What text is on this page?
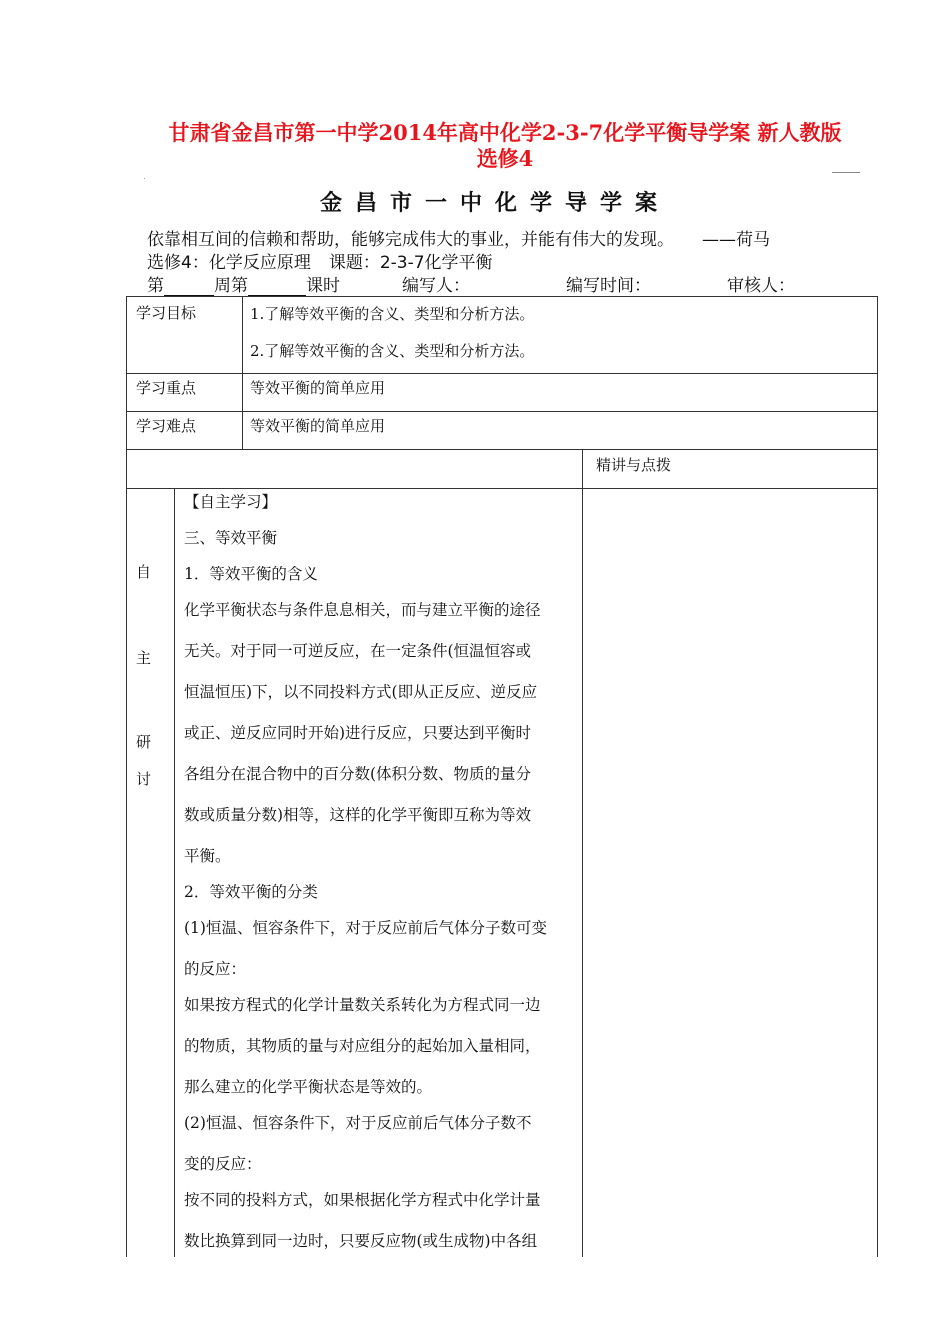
甘肃省金昌市第一中学2014年高中化学2-3-7化学平衡导学案 新人教版
选修4
.
金昌市一中化学导学案
依靠相互间的信赖和帮助，能够完成伟大的事业，并能有伟大的发现。 ——荷马
选修4：化学反应原理 课题：2-3-7化学平衡
第	周第	课时	编写人：	编写时间：	审核人：
学习目标	1.了解等效平衡的含义、类型和分析方法。
2.了解等效平衡的含义、类型和分析方法。
学习重点	等效平衡的简单应用
学习难点	等效平衡的简单应用
精讲与点拨
自
主
研
讨

【自主学习】

三、等效平衡

1．等效平衡的含义

化学平衡状态与条件息息相关，而与建立平衡的途径

无关。对于同一可逆反应，在一定条件(恒温恒容或

恒温恒压)下，以不同投料方式(即从正反应、逆反应

或正、逆反应同时开始)进行反应，只要达到平衡时

各组分在混合物中的百分数(体积分数、物质的量分

数或质量分数)相等，这样的化学平衡即互称为等效

平衡。

2．等效平衡的分类

(1)恒温、恒容条件下，对于反应前后气体分子数可变

的反应：

如果按方程式的化学计量数关系转化为方程式同一边

的物质，其物质的量与对应组分的起始加入量相同，

那么建立的化学平衡状态是等效的。

(2)恒温、恒容条件下，对于反应前后气体分子数不

变的反应：

按不同的投料方式，如果根据化学方程式中化学计量

数比换算到同一边时，只要反应物(或生成物)中各组
